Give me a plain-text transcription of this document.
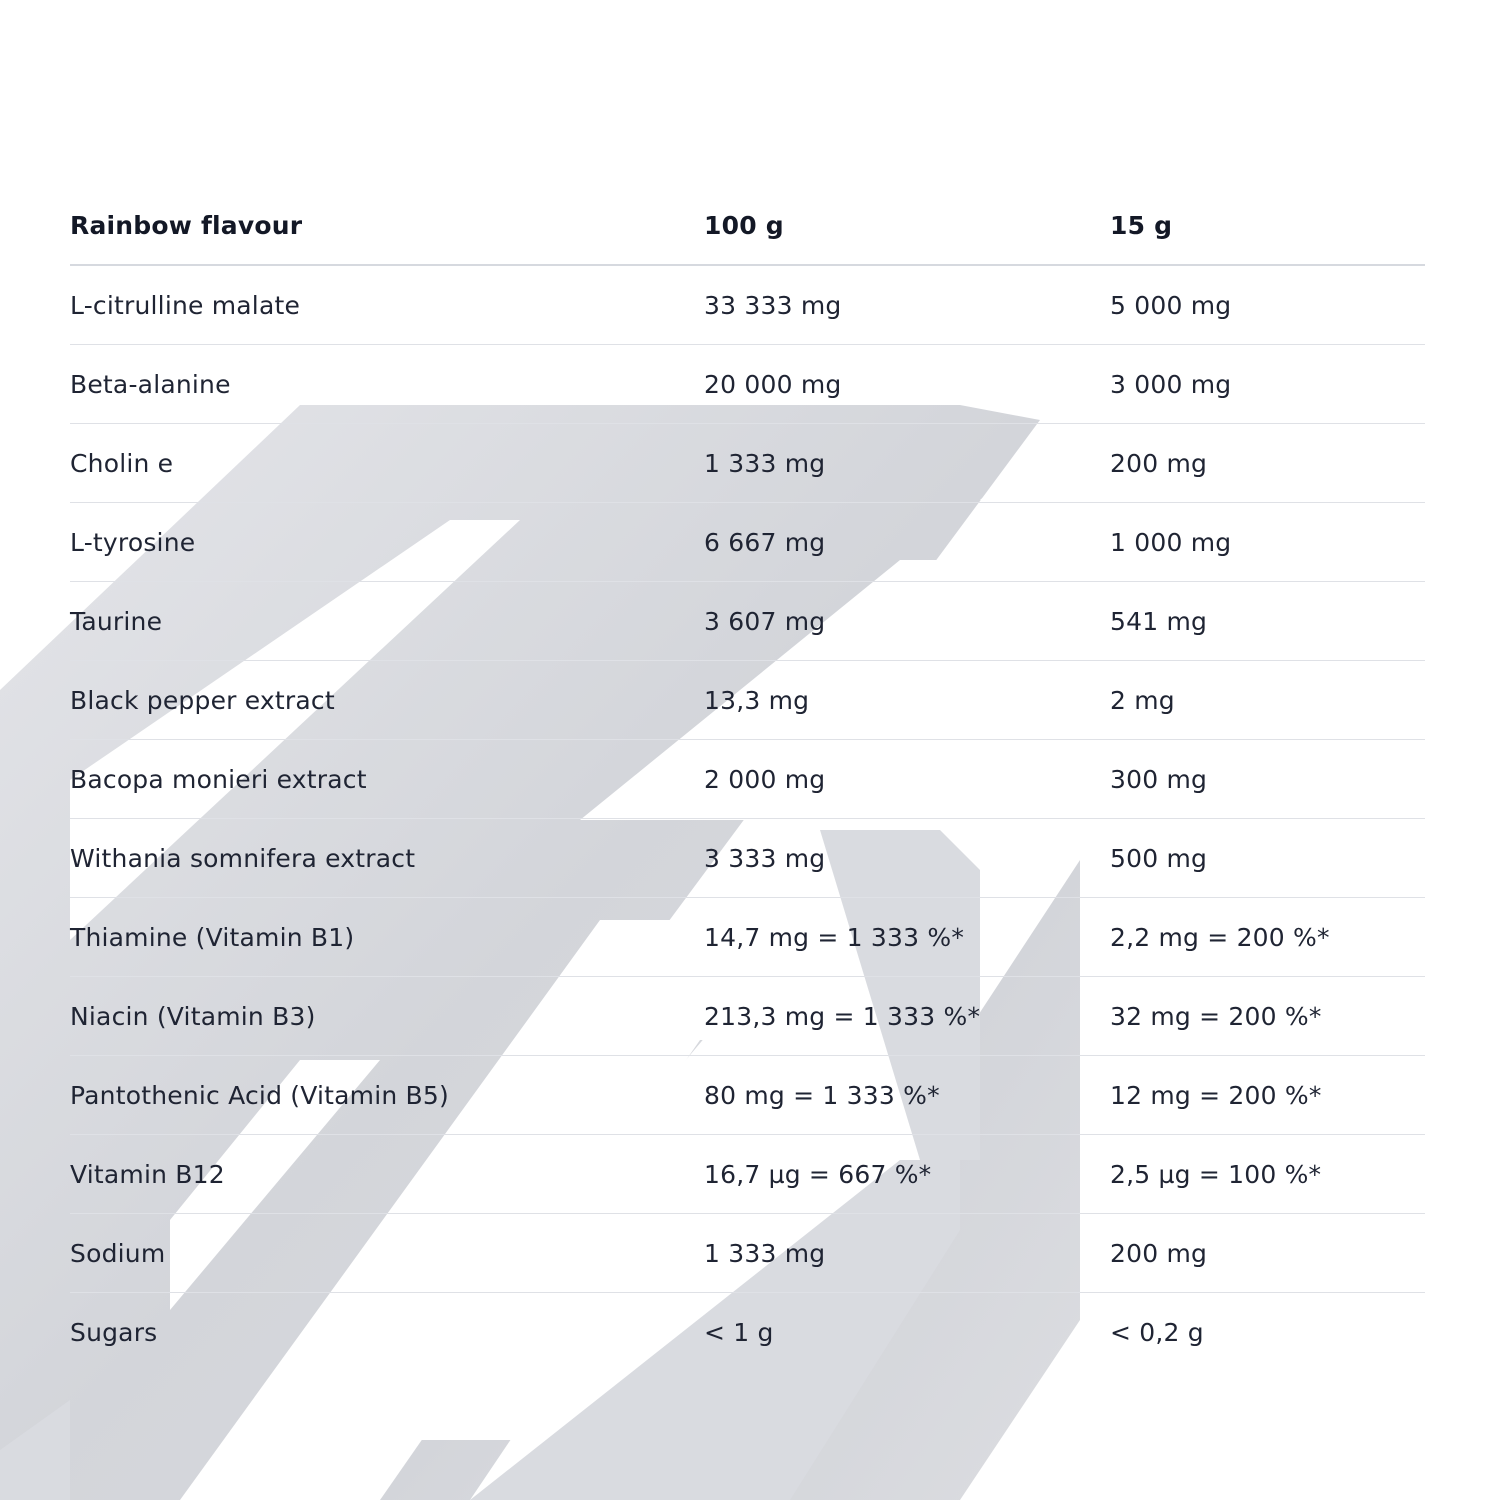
Rainbow flavour	100 g	15 g
L-citrulline malate	33 333 mg	5 000 mg
Beta-alanine	20 000 mg	3 000 mg
Cholin e	1 333 mg	200 mg
L-tyrosine	6 667 mg	1 000 mg
Taurine	3 607 mg	541 mg
Black pepper extract	13,3 mg	2 mg
Bacopa monieri extract	2 000 mg	300 mg
Withania somnifera extract	3 333 mg	500 mg
Thiamine (Vitamin B1)	14,7 mg = 1 333 %*	2,2 mg = 200 %*
Niacin (Vitamin B3)	213,3 mg = 1 333 %*	32 mg = 200 %*
Pantothenic Acid (Vitamin B5)	80 mg = 1 333 %*	12 mg = 200 %*
Vitamin B12	16,7 µg = 667 %*	2,5 µg = 100 %*
Sodium	1 333 mg	200 mg
Sugars	< 1 g	< 0,2 g
